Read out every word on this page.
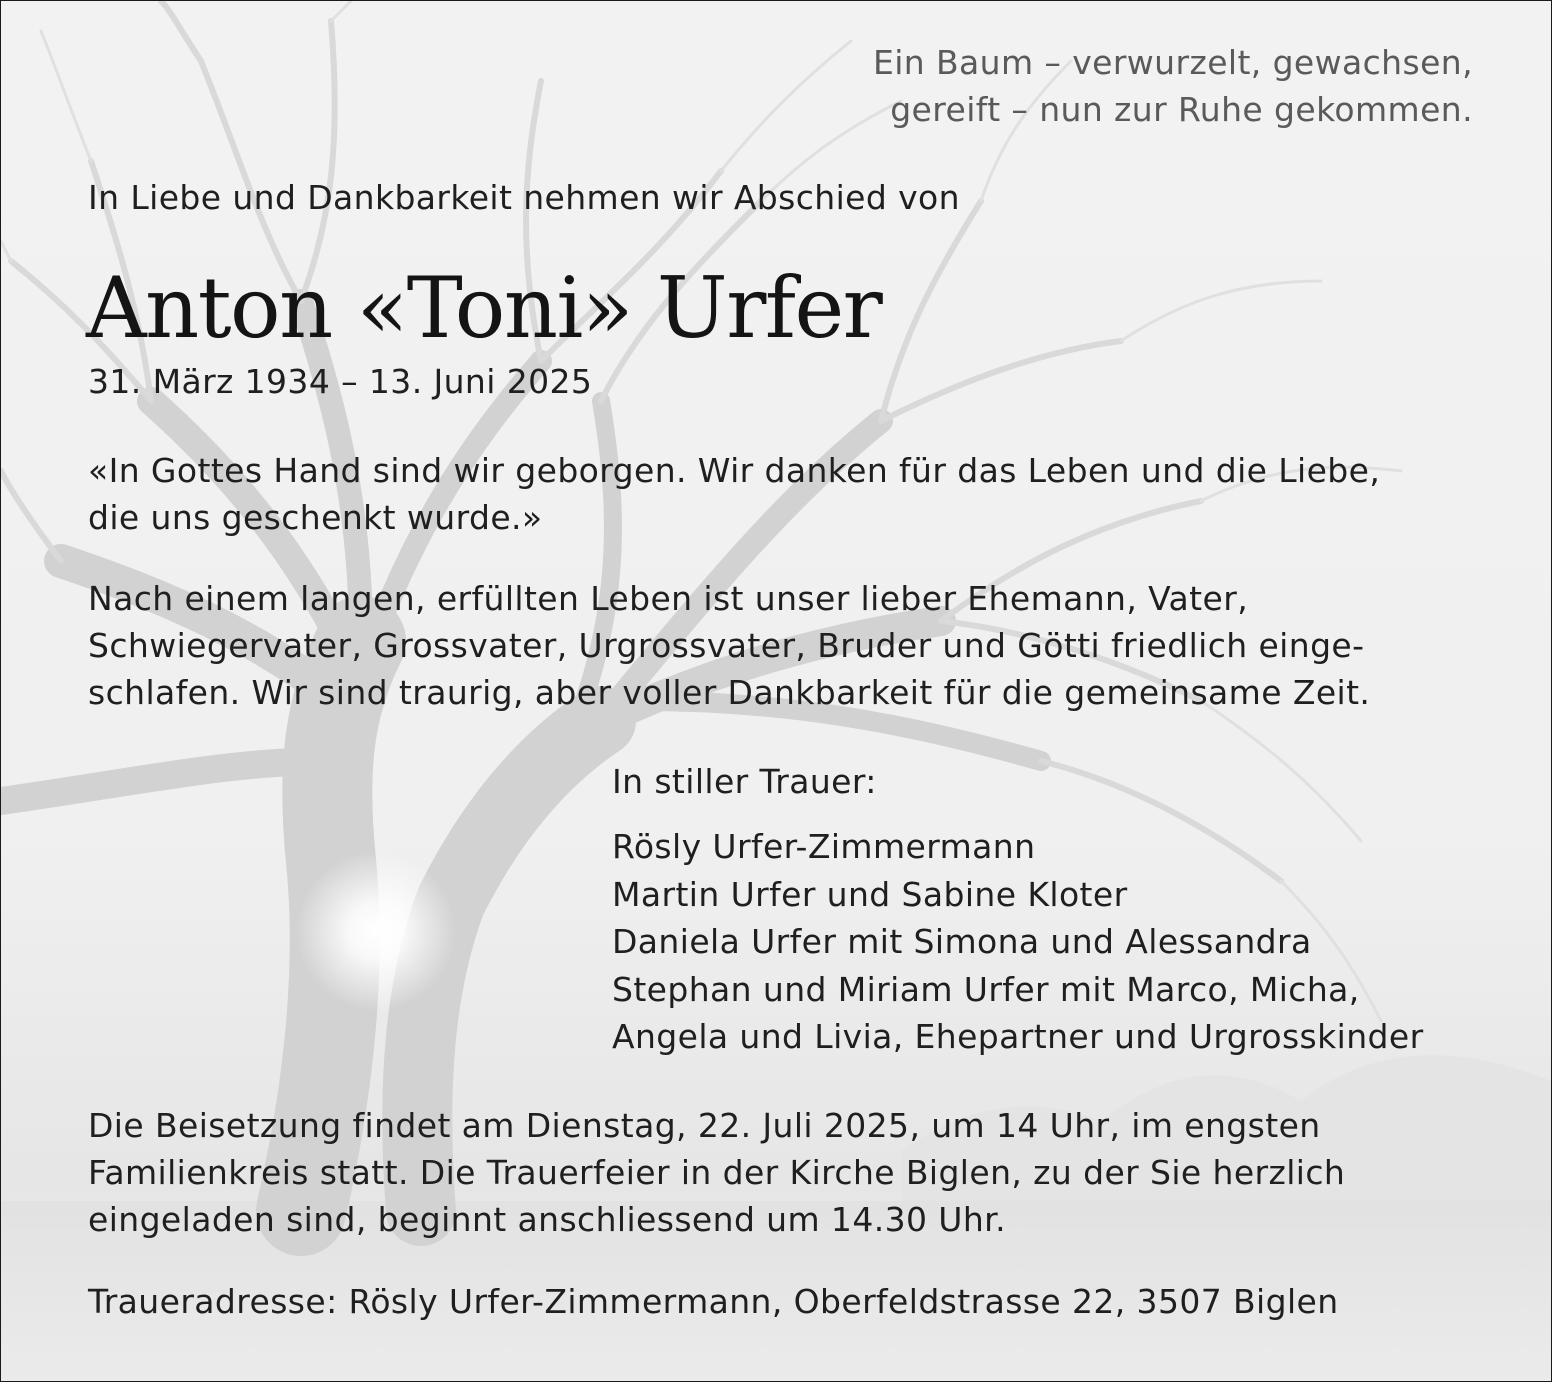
Ein Baum – verwurzelt, gewachsen,
gereift – nun zur Ruhe gekommen.

In Liebe und Dankbarkeit nehmen wir Abschied von

Anton «Toni» Urfer

31. März 1934 – 13. Juni 2025

«In Gottes Hand sind wir geborgen. Wir danken für das Leben und die Liebe,
die uns geschenkt wurde.»

Nach einem langen, erfüllten Leben ist unser lieber Ehemann, Vater,
Schwiegervater, Grossvater, Urgrossvater, Bruder und Götti friedlich einge-
schlafen. Wir sind traurig, aber voller Dankbarkeit für die gemeinsame Zeit.

In stiller Trauer:

Rösly Urfer-Zimmermann
Martin Urfer und Sabine Kloter
Daniela Urfer mit Simona und Alessandra
Stephan und Miriam Urfer mit Marco, Micha,
Angela und Livia, Ehepartner und Urgrosskinder

Die Beisetzung findet am Dienstag, 22. Juli 2025, um 14 Uhr, im engsten
Familienkreis statt. Die Trauerfeier in der Kirche Biglen, zu der Sie herzlich
eingeladen sind, beginnt anschliessend um 14.30 Uhr.

Traueradresse: Rösly Urfer-Zimmermann, Oberfeldstrasse 22, 3507 Biglen
